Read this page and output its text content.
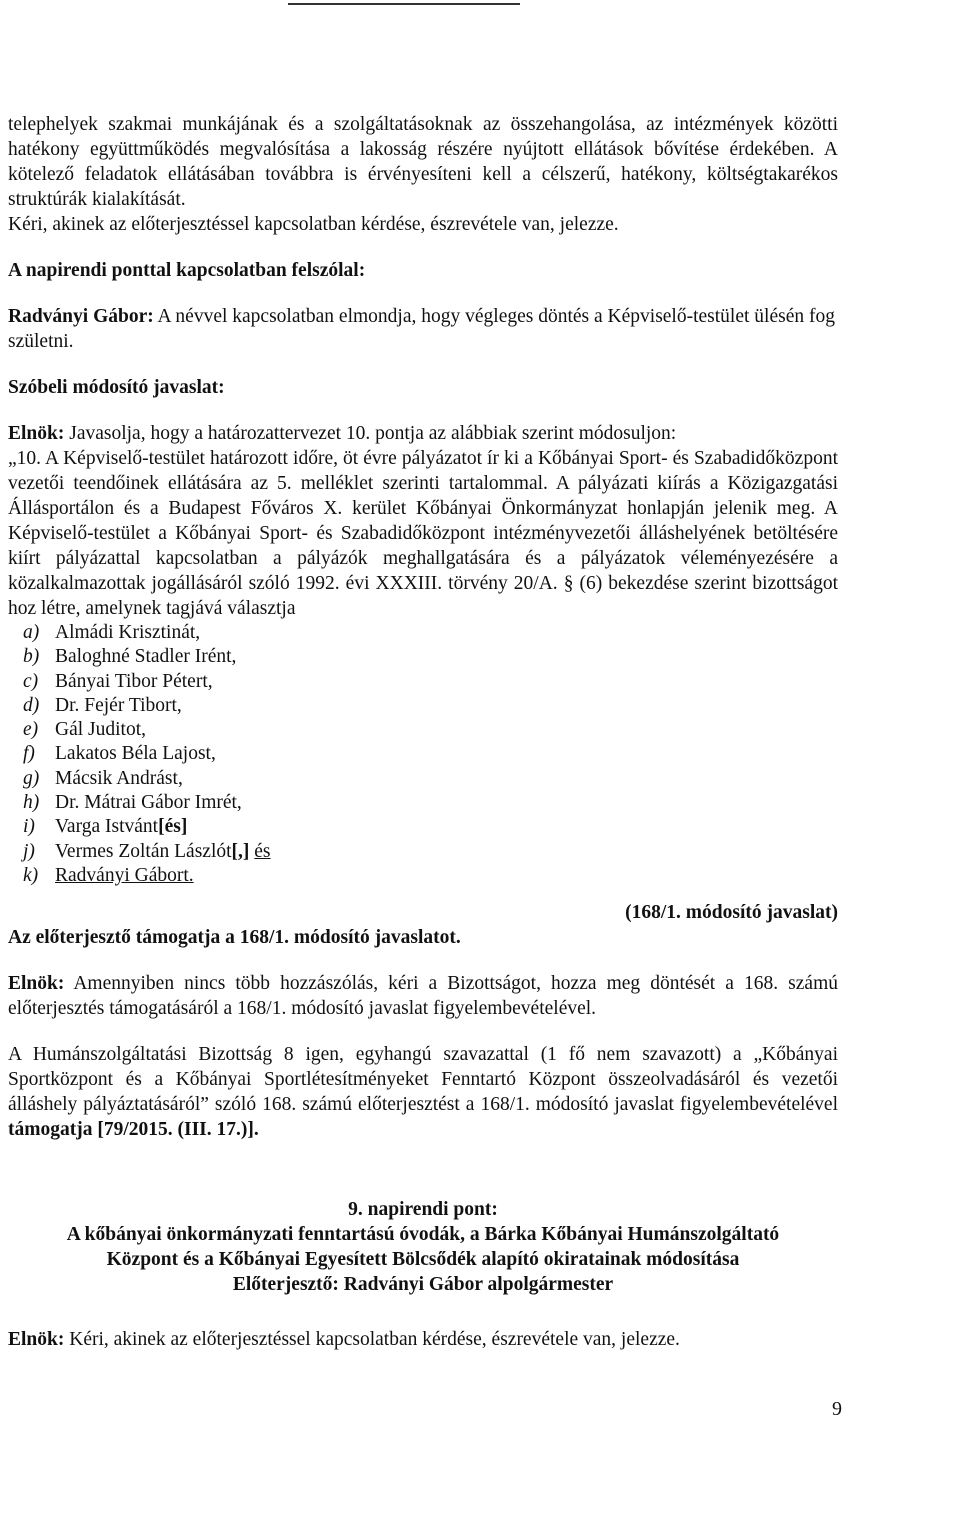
telephelyek szakmai munkájának és a szolgáltatásoknak az összehangolása, az intézmények közötti hatékony együttműködés megvalósítása a lakosság részére nyújtott ellátások bővítése érdekében. A kötelező feladatok ellátásában továbbra is érvényesíteni kell a célszerű, hatékony, költségtakarékos struktúrák kialakítását.

Kéri, akinek az előterjesztéssel kapcsolatban kérdése, észrevétele van, jelezze.

A napirendi ponttal kapcsolatban felszólal:

Radványi Gábor: A névvel kapcsolatban elmondja, hogy végleges döntés a Képviselő-testület ülésén fog születni.

Szóbeli módosító javaslat:

Elnök: Javasolja, hogy a határozattervezet 10. pontja az alábbiak szerint módosuljon:

„10. A Képviselő-testület határozott időre, öt évre pályázatot ír ki a Kőbányai Sport- és Szabadidőközpont vezetői teendőinek ellátására az 5. melléklet szerinti tartalommal. A pályázati kiírás a Közigazgatási Állásportálon és a Budapest Főváros X. kerület Kőbányai Önkormányzat honlapján jelenik meg. A Képviselő-testület a Kőbányai Sport- és Szabadidőközpont intézményvezetői álláshelyének betöltésére kiírt pályázattal kapcsolatban a pályázók meghallgatására és a pályázatok véleményezésére a közalkalmazottak jogállásáról szóló 1992. évi XXXIII. törvény 20/A. § (6) bekezdése szerint bizottságot hoz létre, amelynek tagjává választja

a) Almádi Krisztinát,
b) Baloghné Stadler Irént,
c) Bányai Tibor Pétert,
d) Dr. Fejér Tibort,
e) Gál Juditot,
f)	Lakatos Béla Lajost,
g) Mácsik Andrást,
h) Dr. Mátrai Gábor Imrét,
i)	Varga Istvánt [és]
j)	Vermes Zoltán Lászlót [,]
és
k) Radványi Gábort.

(168/1. módosító javaslat)

Az előterjesztő támogatja a 168/1. módosító javaslatot.

Elnök: Amennyiben nincs több hozzászólás, kéri a Bizottságot, hozza meg döntését a 168. számú előterjesztés támogatásáról a 168/1. módosító javaslat figyelembevételével.

A Humánszolgáltatási Bizottság 8 igen, egyhangú szavazattal (1 fő nem szavazott) a „Kőbányai Sportközpont és a Kőbányai Sportlétesítményeket Fenntartó Központ összeolvadásáról és vezetői álláshely pályáztatásáról” szóló 168. számú előterjesztést a 168/1. módosító javaslat figyelembevételével támogatja [79/2015. (III. 17.)].

9. napirendi pont:

A kőbányai önkormányzati fenntartású óvodák, a Bárka Kőbányai Humánszolgáltató

Központ és a Kőbányai Egyesített Bölcsődék alapító okiratainak módosítása

Előterjesztő: Radványi Gábor alpolgármester

Elnök: Kéri, akinek az előterjesztéssel kapcsolatban kérdése, észrevétele van, jelezze.

9
